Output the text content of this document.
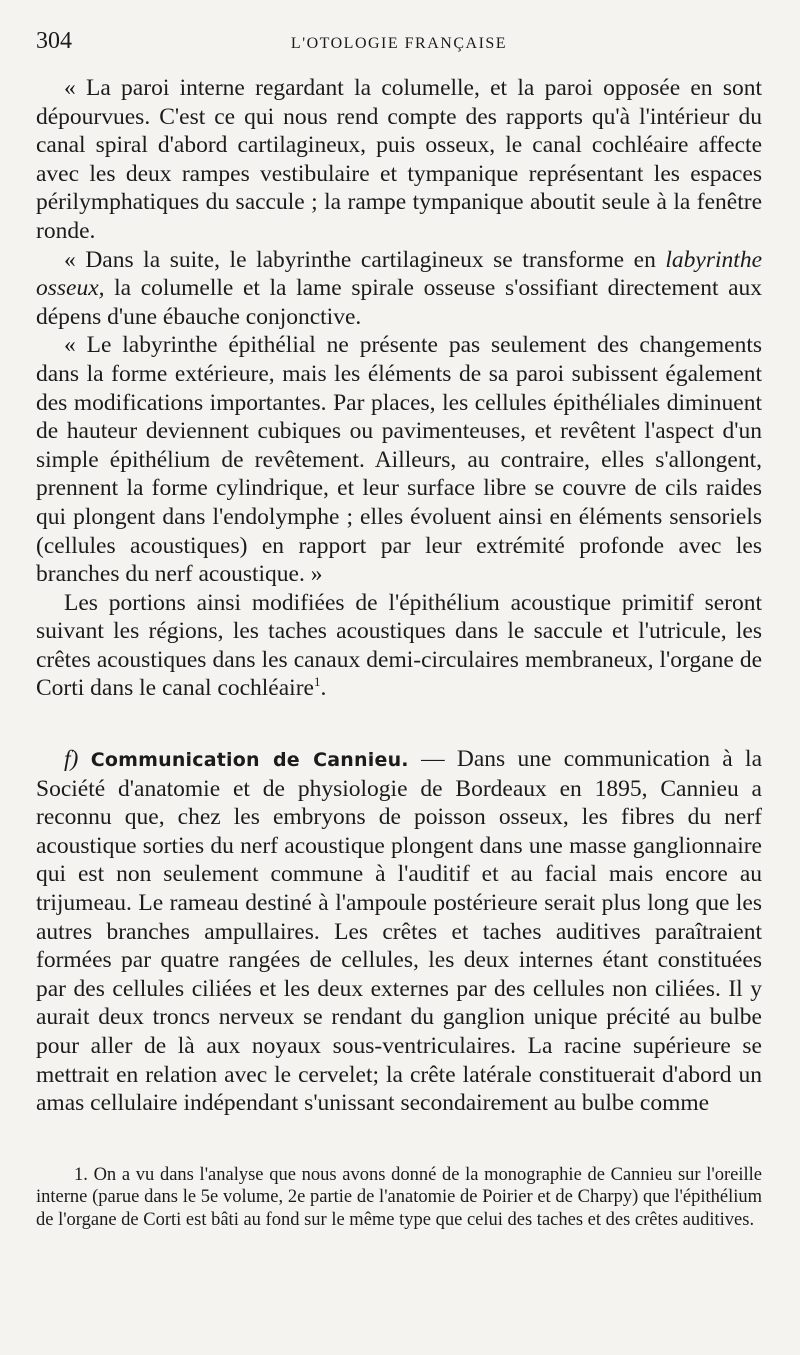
304	L'OTOLOGIE FRANÇAISE

« La paroi interne regardant la columelle, et la paroi opposée en sont dépourvues. C'est ce qui nous rend compte des rapports qu'à l'intérieur du canal spiral d'abord cartilagineux, puis osseux, le canal cochléaire affecte avec les deux rampes vestibulaire et tympanique représentant les espaces périlymphatiques du saccule ; la rampe tympanique aboutit seule à la fenêtre ronde.

« Dans la suite, le labyrinthe cartilagineux se transforme en labyrinthe osseux, la columelle et la lame spirale osseuse s'ossifiant directement aux dépens d'une ébauche conjonctive.

« Le labyrinthe épithélial ne présente pas seulement des changements dans la forme extérieure, mais les éléments de sa paroi subissent également des modifications importantes. Par places, les cellules épithéliales diminuent de hauteur deviennent cubiques ou pavimenteuses, et revêtent l'aspect d'un simple épithélium de revêtement. Ailleurs, au contraire, elles s'allongent, prennent la forme cylindrique, et leur surface libre se couvre de cils raides qui plongent dans l'endolymphe ; elles évoluent ainsi en éléments sensoriels (cellules acoustiques) en rapport par leur extrémité profonde avec les branches du nerf acoustique. »

Les portions ainsi modifiées de l'épithélium acoustique primitif seront suivant les régions, les taches acoustiques dans le saccule et l'utricule, les crêtes acoustiques dans les canaux demi-circulaires membraneux, l'organe de Corti dans le canal cochléaire$^1$.

f) Communication de Cannieu. — Dans une communication à la Société d'anatomie et de physiologie de Bordeaux en 1895, Cannieu a reconnu que, chez les embryons de poisson osseux, les fibres du nerf acoustique sorties du nerf acoustique plongent dans une masse ganglionnaire qui est non seulement commune à l'auditif et au facial mais encore au trijumeau. Le rameau destiné à l'ampoule postérieure serait plus long que les autres branches ampullaires. Les crêtes et taches auditives paraîtraient formées par quatre rangées de cellules, les deux internes étant constituées par des cellules ciliées et les deux externes par des cellules non ciliées. Il y aurait deux troncs nerveux se rendant du ganglion unique précité au bulbe pour aller de là aux noyaux sous-ventriculaires. La racine supérieure se mettrait en relation avec le cervelet; la crête latérale constituerait d'abord un amas cellulaire indépendant s'unissant secondairement au bulbe comme

1. On a vu dans l'analyse que nous avons donné de la monographie de Cannieu sur l'oreille interne (parue dans le 5e volume, 2e partie de l'anatomie de Poirier et de Charpy) que l'épithélium de l'organe de Corti est bâti au fond sur le même type que celui des taches et des crêtes auditives.
